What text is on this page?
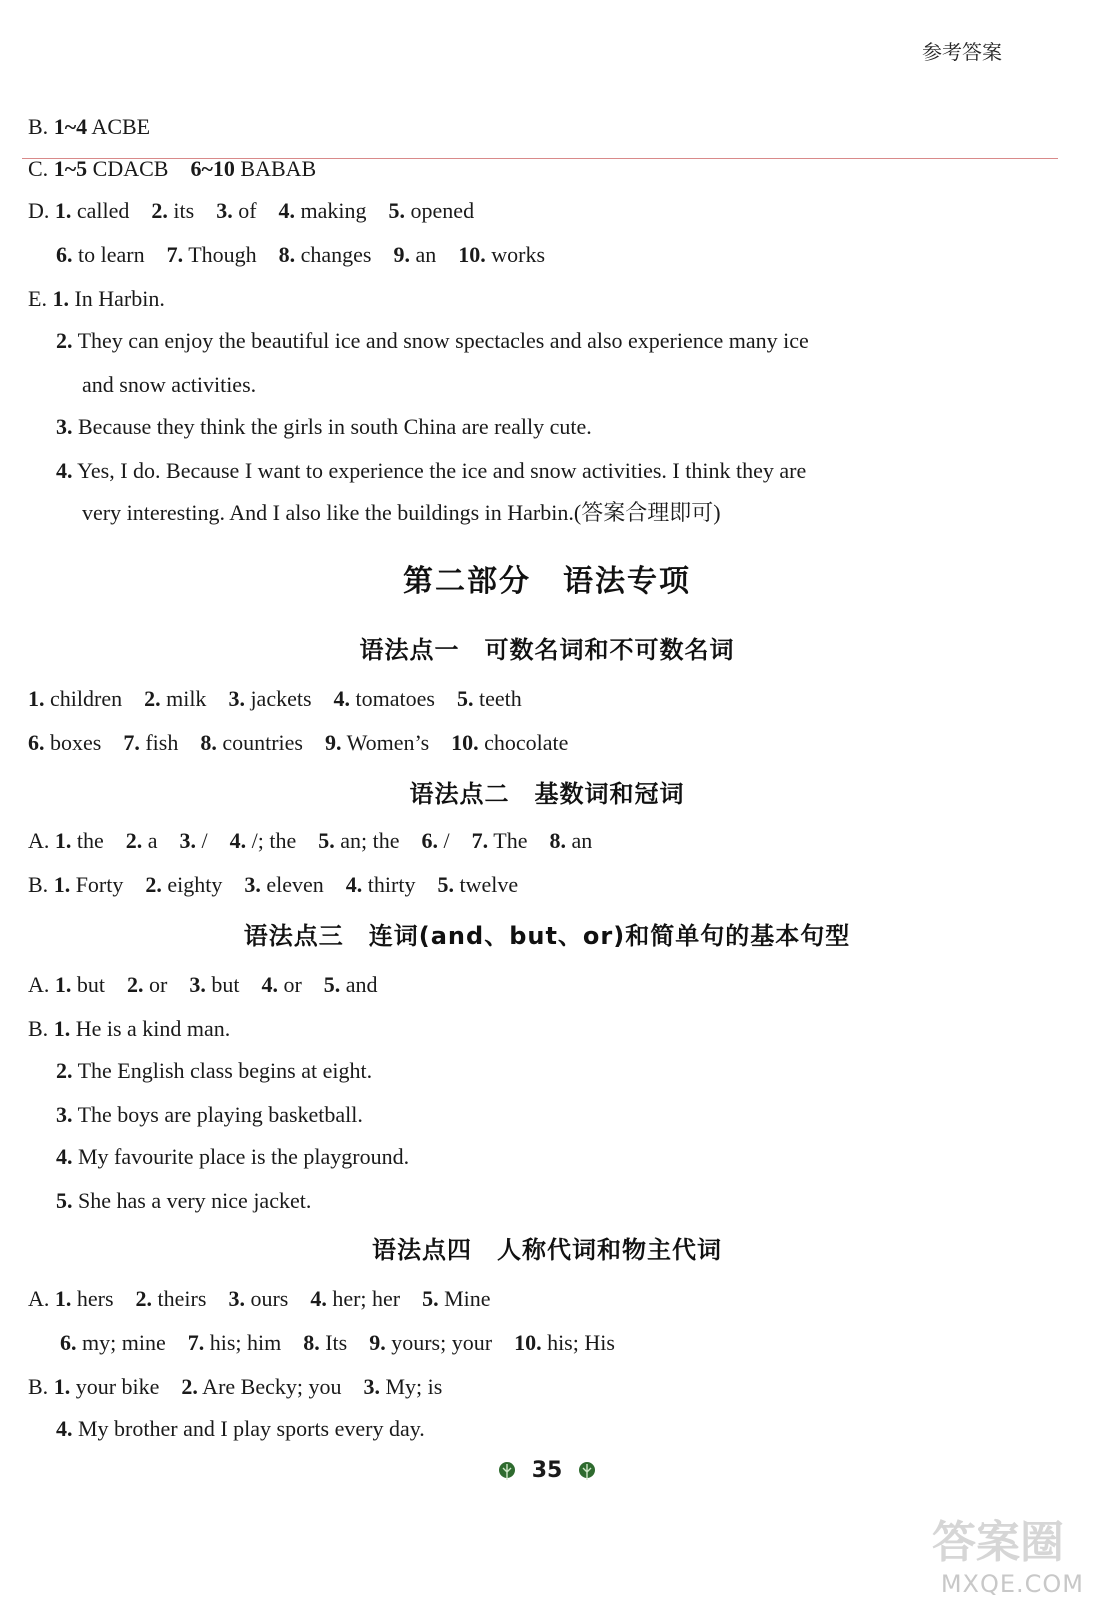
参考答案
B. 1~4 ACBE
C. 1~5 CDACB 6~10 BABAB
D. 1. called 2. its 3. of 4. making 5. opened
6. to learn 7. Though 8. changes 9. an 10. works
E. 1. In Harbin.
2. They can enjoy the beautiful ice and snow spectacles and also experience many ice
and snow activities.
3. Because they think the girls in south China are really cute.
4. Yes, I do. Because I want to experience the ice and snow activities. I think they are
very interesting. And I also like the buildings in Harbin.(答案合理即可)
第二部分　语法专项
语法点一　可数名词和不可数名词
1. children 2. milk 3. jackets 4. tomatoes 5. teeth
6. boxes 7. fish 8. countries 9. Women’s 10. chocolate
语法点二　基数词和冠词
A. 1. the 2. a 3. / 4. /; the 5. an; the 6. / 7. The 8. an
B. 1. Forty 2. eighty 3. eleven 4. thirty 5. twelve
语法点三　连词(and、but、or)和简单句的基本句型
A. 1. but 2. or 3. but 4. or 5. and
B. 1. He is a kind man.
2. The English class begins at eight.
3. The boys are playing basketball.
4. My favourite place is the playground.
5. She has a very nice jacket.
语法点四　人称代词和物主代词
A. 1. hers 2. theirs 3. ours 4. her; her 5. Mine
6. my; mine 7. his; him 8. Its 9. yours; your 10. his; His
B. 1. your bike 2. Are Becky; you 3. My; is
4. My brother and I play sports every day.
35
答案圈
MXQE.COM
